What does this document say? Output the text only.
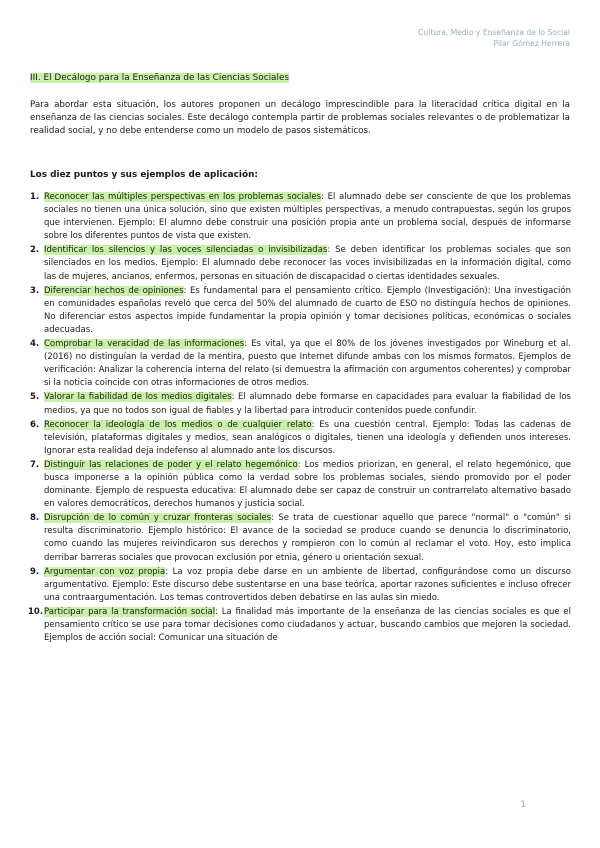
Cultura, Medio y Enseñanza de lo Social
Pilar Gómez Herrera
III. El Decálogo para la Enseñanza de las Ciencias Sociales

Para abordar esta situación, los autores proponen un decálogo imprescindible para la literacidad crítica digital en la enseñanza de las ciencias sociales. Este decálogo contempla partir de problemas sociales relevantes o de problematizar la realidad social, y no debe entenderse como un modelo de pasos sistemáticos.

Los diez puntos y sus ejemplos de aplicación:
1. Reconocer las múltiples perspectivas en los problemas sociales: El alumnado debe ser consciente de que los problemas sociales no tienen una única solución, sino que existen múltiples perspectivas, a menudo contrapuestas, según los grupos que intervienen. Ejemplo: El alumno debe construir una posición propia ante un problema social, después de informarse sobre los diferentes puntos de vista que existen.
2. Identificar los silencios y las voces silenciadas o invisibilizadas: Se deben identificar los problemas sociales que son silenciados en los medios. Ejemplo: El alumnado debe reconocer las voces invisibilizadas en la información digital, como las de mujeres, ancianos, enfermos, personas en situación de discapacidad o ciertas identidades sexuales.
3. Diferenciar hechos de opiniones: Es fundamental para el pensamiento crítico. Ejemplo (Investigación): Una investigación en comunidades españolas reveló que cerca del 50% del alumnado de cuarto de ESO no distinguía hechos de opiniones. No diferenciar estos aspectos impide fundamentar la propia opinión y tomar decisiones políticas, económicas o sociales adecuadas.
4. Comprobar la veracidad de las informaciones: Es vital, ya que el 80% de los jóvenes investigados por Wineburg et al. (2016) no distinguían la verdad de la mentira, puesto que Internet difunde ambas con los mismos formatos. Ejemplos de verificación: Analizar la coherencia interna del relato (si demuestra la afirmación con argumentos coherentes) y comprobar si la noticia coincide con otras informaciones de otros medios.
5. Valorar la fiabilidad de los medios digitales: El alumnado debe formarse en capacidades para evaluar la fiabilidad de los medios, ya que no todos son igual de fiables y la libertad para introducir contenidos puede confundir.
6. Reconocer la ideología de los medios o de cualquier relato: Es una cuestión central. Ejemplo: Todas las cadenas de televisión, plataformas digitales y medios, sean analógicos o digitales, tienen una ideología y defienden unos intereses. Ignorar esta realidad deja indefenso al alumnado ante los discursos.
7. Distinguir las relaciones de poder y el relato hegemónico: Los medios priorizan, en general, el relato hegemónico, que busca imponerse a la opinión pública como la verdad sobre los problemas sociales, siendo promovido por el poder dominante. Ejemplo de respuesta educativa: El alumnado debe ser capaz de construir un contrarrelato alternativo basado en valores democráticos, derechos humanos y justicia social.
8. Disrupción de lo común y cruzar fronteras sociales: Se trata de cuestionar aquello que parece "normal" o "común" si resulta discriminatorio. Ejemplo histórico: El avance de la sociedad se produce cuando se denuncia lo discriminatorio, como cuando las mujeres reivindicaron sus derechos y rompieron con lo común al reclamar el voto. Hoy, esto implica derribar barreras sociales que provocan exclusión por etnia, género u orientación sexual.
9. Argumentar con voz propia: La voz propia debe darse en un ambiente de libertad, configurándose como un discurso argumentativo. Ejemplo: Este discurso debe sustentarse en una base teórica, aportar razones suficientes e incluso ofrecer una contraargumentación. Los temas controvertidos deben debatirse en las aulas sin miedo.
10. Participar para la transformación social: La finalidad más importante de la enseñanza de las ciencias sociales es que el pensamiento crítico se use para tomar decisiones como ciudadanos y actuar, buscando cambios que mejoren la sociedad. Ejemplos de acción social: Comunicar una situación de
1
